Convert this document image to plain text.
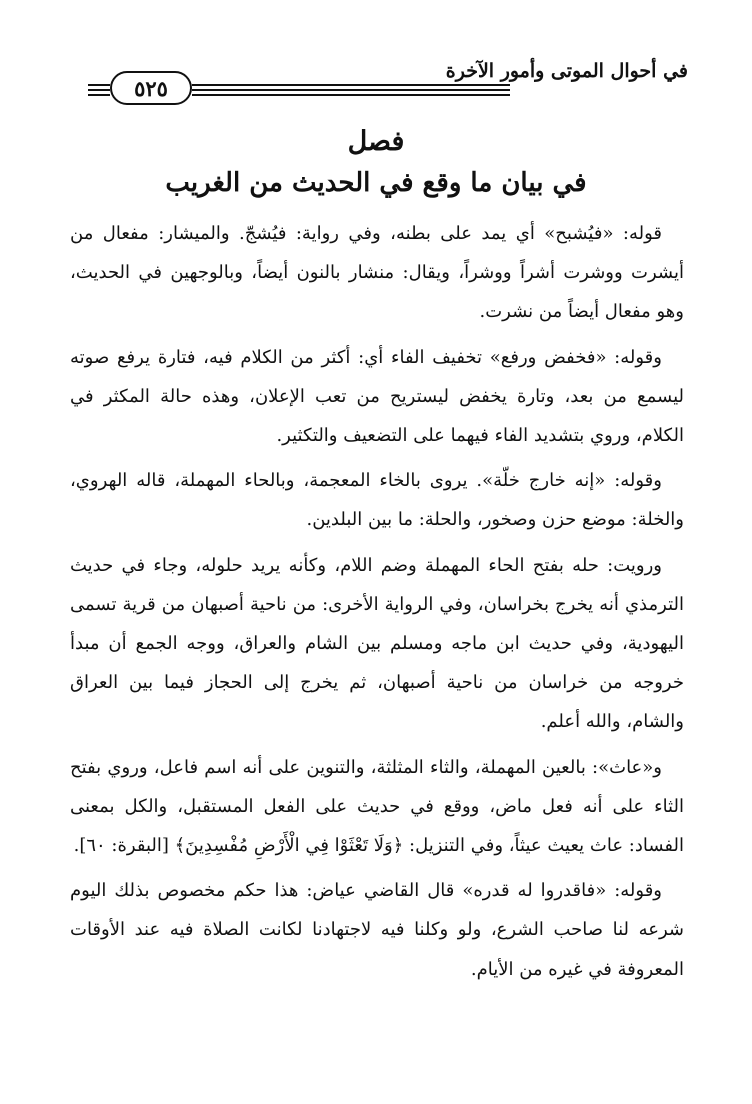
في أحوال الموتى وأمور الآخرة
٥٢٥
فصل
في بيان ما وقع في الحديث من الغريب

قوله: «فيُشبح» أي يمد على بطنه، وفي رواية: فيُشجّ. والميشار: مفعال من أيشرت ووشرت أشراً ووشراً، ويقال: منشار بالنون أيضاً، وبالوجهين في الحديث، وهو مفعال أيضاً من نشرت.

وقوله: «فخفض ورفع» تخفيف الفاء أي: أكثر من الكلام فيه، فتارة يرفع صوته ليسمع من بعد، وتارة يخفض ليستريح من تعب الإعلان، وهذه حالة المكثر في الكلام، وروي بتشديد الفاء فيهما على التضعيف والتكثير.

وقوله: «إنه خارج خلّة». يروى بالخاء المعجمة، وبالحاء المهملة، قاله الهروي، والخلة: موضع حزن وصخور، والحلة: ما بين البلدين.

ورويت: حله بفتح الحاء المهملة وضم اللام، وكأنه يريد حلوله، وجاء في حديث الترمذي أنه يخرج بخراسان، وفي الرواية الأخرى: من ناحية أصبهان من قرية تسمى اليهودية، وفي حديث ابن ماجه ومسلم بين الشام والعراق، ووجه الجمع أن مبدأ خروجه من خراسان من ناحية أصبهان، ثم يخرج إلى الحجاز فيما بين العراق والشام، والله أعلم.

و«عاث»: بالعين المهملة، والثاء المثلثة، والتنوين على أنه اسم فاعل، وروي بفتح الثاء على أنه فعل ماض، ووقع في حديث على الفعل المستقبل، والكل بمعنى الفساد: عاث يعيث عيثاً، وفي التنزيل: ﴿وَلَا تَعْثَوْا فِي الْأَرْضِ مُفْسِدِينَ﴾ [البقرة: ٦٠].

وقوله: «فاقدروا له قدره» قال القاضي عياض: هذا حكم مخصوص بذلك اليوم شرعه لنا صاحب الشرع، ولو وكلنا فيه لاجتهادنا لكانت الصلاة فيه عند الأوقات المعروفة في غيره من الأيام.
